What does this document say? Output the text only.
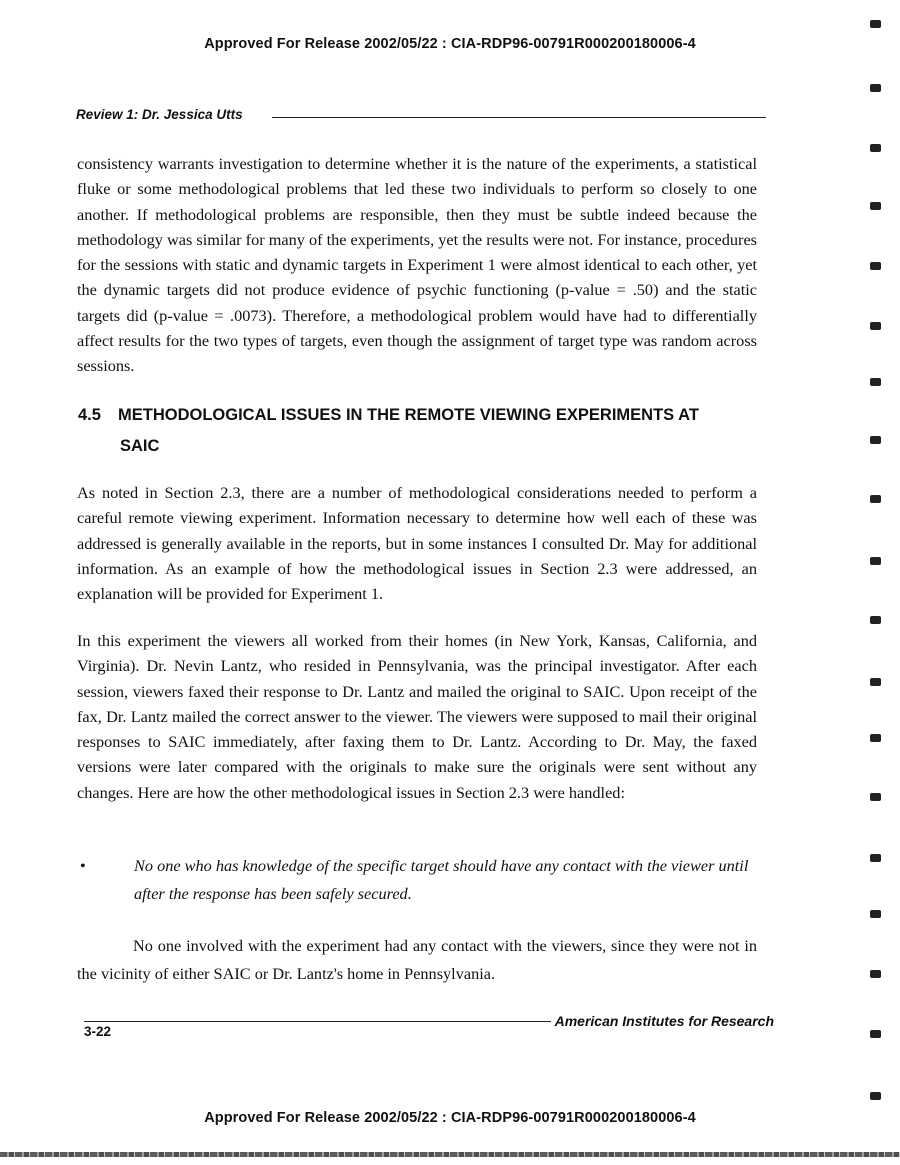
Approved For Release 2002/05/22 : CIA-RDP96-00791R000200180006-4
Review 1: Dr. Jessica Utts
consistency warrants investigation to determine whether it is the nature of the experiments, a statistical fluke or some methodological problems that led these two individuals to perform so closely to one another. If methodological problems are responsible, then they must be subtle indeed because the methodology was similar for many of the experiments, yet the results were not. For instance, procedures for the sessions with static and dynamic targets in Experiment 1 were almost identical to each other, yet the dynamic targets did not produce evidence of psychic functioning (p-value = .50) and the static targets did (p-value = .0073). Therefore, a methodological problem would have had to differentially affect results for the two types of targets, even though the assignment of target type was random across sessions.
4.5 METHODOLOGICAL ISSUES IN THE REMOTE VIEWING EXPERIMENTS AT
SAIC
As noted in Section 2.3, there are a number of methodological considerations needed to perform a careful remote viewing experiment. Information necessary to determine how well each of these was addressed is generally available in the reports, but in some instances I consulted Dr. May for additional information. As an example of how the methodological issues in Section 2.3 were addressed, an explanation will be provided for Experiment 1.
In this experiment the viewers all worked from their homes (in New York, Kansas, California, and Virginia). Dr. Nevin Lantz, who resided in Pennsylvania, was the principal investigator. After each session, viewers faxed their response to Dr. Lantz and mailed the original to SAIC. Upon receipt of the fax, Dr. Lantz mailed the correct answer to the viewer. The viewers were supposed to mail their original responses to SAIC immediately, after faxing them to Dr. Lantz. According to Dr. May, the faxed versions were later compared with the originals to make sure the originals were sent without any changes. Here are how the other methodological issues in Section 2.3 were handled:
•	No one who has knowledge of the specific target should have any contact with the viewer until after the response has been safely secured.
No one involved with the experiment had any contact with the viewers, since they were not in the vicinity of either SAIC or Dr. Lantz's home in Pennsylvania.
3-22
American Institutes for Research
Approved For Release 2002/05/22 : CIA-RDP96-00791R000200180006-4
